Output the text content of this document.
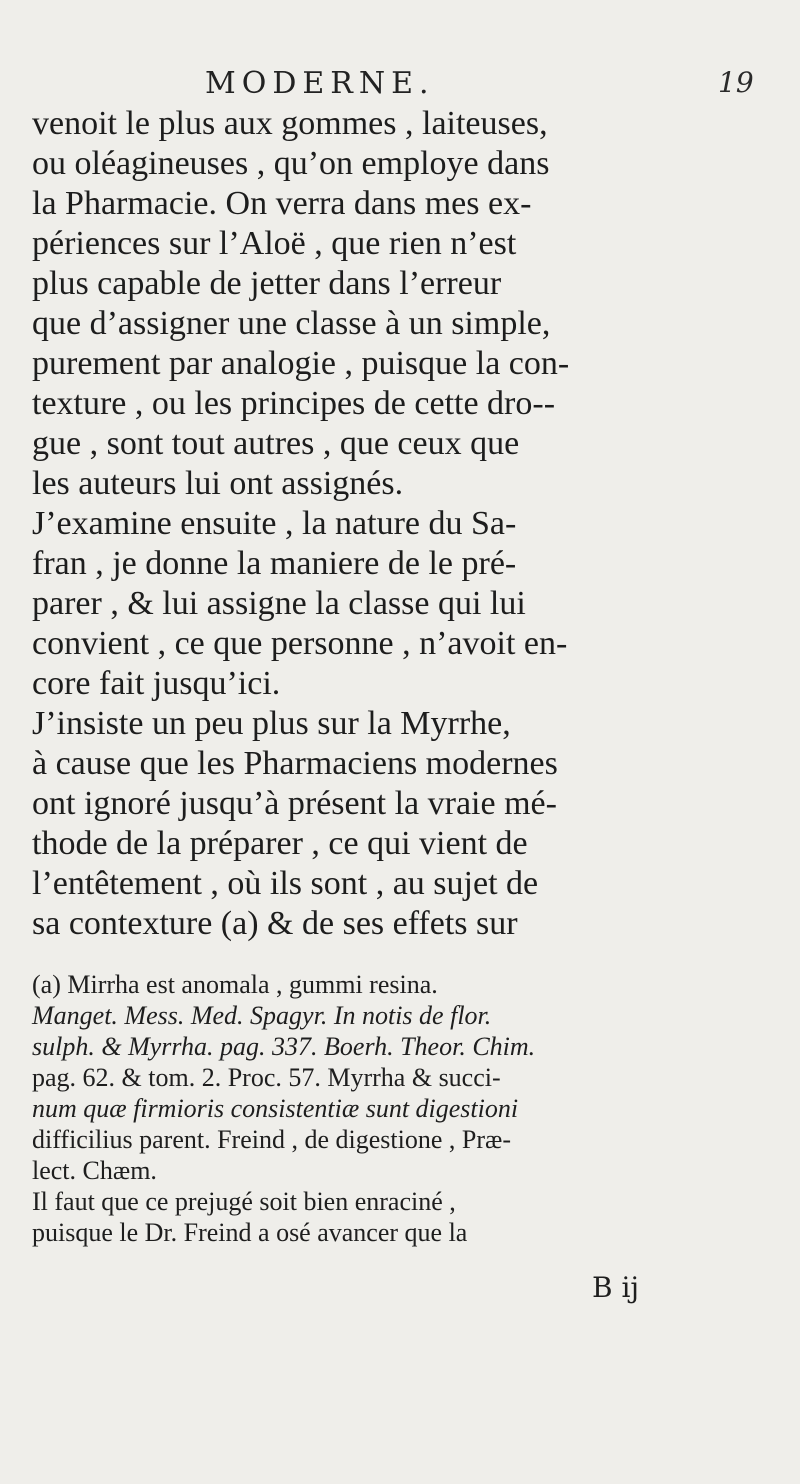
MODERNE.	19
venoit le plus aux gommes , laiteuses,
ou oléagineuses , qu’on employe dans
la Pharmacie. On verra dans mes ex-
périences sur l’Aloë , que rien n’est
plus capable de jetter dans l’erreur
que d’assigner une classe à un simple,
purement par analogie , puisque la con-
texture , ou les principes de cette dro--
gue , sont tout autres , que ceux que
les auteurs lui ont assignés.
J’examine ensuite , la nature du Sa-
fran , je donne la maniere de le pré-
parer , & lui assigne la classe qui lui
convient , ce que personne , n’avoit en-
core fait jusqu’ici.
J’insiste un peu plus sur la Myrrhe,
à cause que les Pharmaciens modernes
ont ignoré jusqu’à présent la vraie mé-
thode de la préparer , ce qui vient de
l’entêtement , où ils sont , au sujet de
sa contexture (a) & de ses effets sur
(a) Mirrha est anomala , gummi resina.
Manget. Mess. Med. Spagyr. In notis de flor.
sulph. & Myrrha. pag. 337. Boerh. Theor. Chim.
pag. 62. & tom. 2. Proc. 57. Myrrha & succi-
num quæ firmioris consistentiæ sunt digestioni
difficilius parent. Freind , de digestione , Præ-
lect. Chæm.
Il faut que ce prejugé soit bien enraciné ,
puisque le Dr. Freind a osé avancer que la
B ij
